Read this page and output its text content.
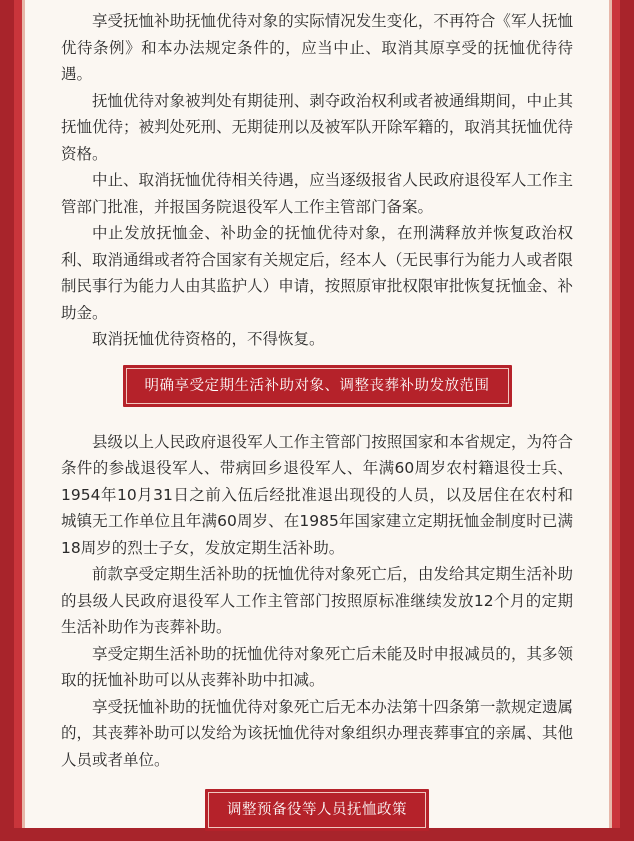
享受抚恤补助抚恤优待对象的实际情况发生变化，不再符合《军人抚恤优待条例》和本办法规定条件的，应当中止、取消其原享受的抚恤优待待遇。

抚恤优待对象被判处有期徒刑、剥夺政治权利或者被通缉期间，中止其抚恤优待；被判处死刑、无期徒刑以及被军队开除军籍的，取消其抚恤优待资格。

中止、取消抚恤优待相关待遇，应当逐级报省人民政府退役军人工作主管部门批准，并报国务院退役军人工作主管部门备案。

中止发放抚恤金、补助金的抚恤优待对象，在刑满释放并恢复政治权利、取消通缉或者符合国家有关规定后，经本人（无民事行为能力人或者限制民事行为能力人由其监护人）申请，按照原审批权限审批恢复抚恤金、补助金。

取消抚恤优待资格的，不得恢复。

明确享受定期生活补助对象、调整丧葬补助发放范围

县级以上人民政府退役军人工作主管部门按照国家和本省规定，为符合条件的参战退役军人、带病回乡退役军人、年满60周岁农村籍退役士兵、1954年10月31日之前入伍后经批准退出现役的人员，以及居住在农村和城镇无工作单位且年满60周岁、在1985年国家建立定期抚恤金制度时已满18周岁的烈士子女，发放定期生活补助。

前款享受定期生活补助的抚恤优待对象死亡后，由发给其定期生活补助的县级人民政府退役军人工作主管部门按照原标准继续发放12个月的定期生活补助作为丧葬补助。

享受定期生活补助的抚恤优待对象死亡后未能及时申报减员的，其多领取的抚恤补助可以从丧葬补助中扣减。

享受抚恤补助的抚恤优待对象死亡后无本办法第十四条第一款规定遗属的，其丧葬补助可以发给为该抚恤优待对象组织办理丧葬事宜的亲属、其他人员或者单位。

调整预备役等人员抚恤政策
